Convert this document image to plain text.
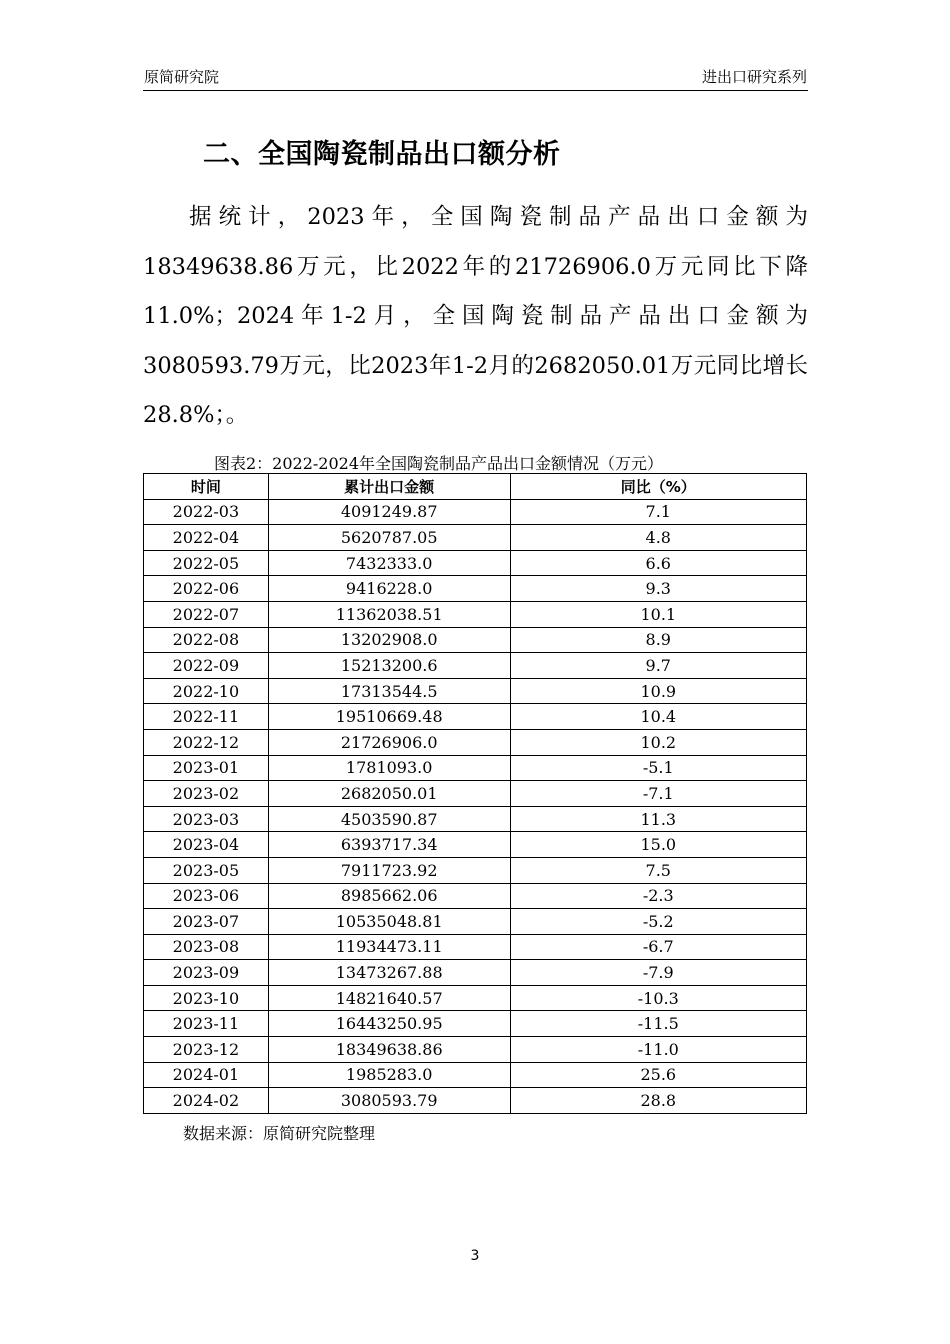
原简研究院	进出口研究系列
二、全国陶瓷制品出口额分析
据统计，2023年，全国陶瓷制品产品出口金额为18349638.86万元，比2022年的21726906.0万元同比下降11.0%；2024年1-2月，全国陶瓷制品产品出口金额为3080593.79万元，比2023年1-2月的2682050.01万元同比增长28.8%；。
图表2：2022-2024年全国陶瓷制品产品出口金额情况（万元）
时间	累计出口金额	同比（%）
2022-03	4091249.87	7.1
2022-04	5620787.05	4.8
2022-05	7432333.0	6.6
2022-06	9416228.0	9.3
2022-07	11362038.51	10.1
2022-08	13202908.0	8.9
2022-09	15213200.6	9.7
2022-10	17313544.5	10.9
2022-11	19510669.48	10.4
2022-12	21726906.0	10.2
2023-01	1781093.0	-5.1
2023-02	2682050.01	-7.1
2023-03	4503590.87	11.3
2023-04	6393717.34	15.0
2023-05	7911723.92	7.5
2023-06	8985662.06	-2.3
2023-07	10535048.81	-5.2
2023-08	11934473.11	-6.7
2023-09	13473267.88	-7.9
2023-10	14821640.57	-10.3
2023-11	16443250.95	-11.5
2023-12	18349638.86	-11.0
2024-01	1985283.0	25.6
2024-02	3080593.79	28.8
数据来源：原简研究院整理
3
